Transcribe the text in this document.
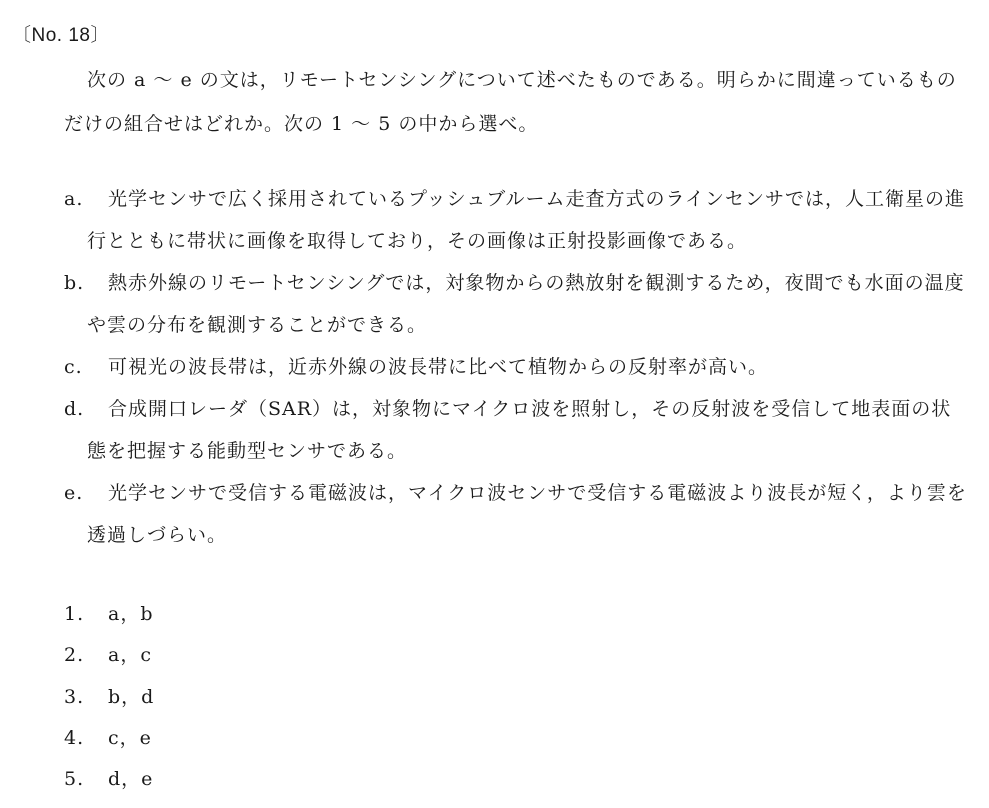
〔No. 18〕

次の a 〜 e の文は，リモートセンシングについて述べたものである。明らかに間違っているものだけの組合せはどれか。次の 1 〜 5 の中から選べ。

a. 光学センサで広く採用されているプッシュブルーム走査方式のラインセンサでは，人工衛星の進行とともに帯状に画像を取得しており，その画像は正射投影画像である。
b. 熱赤外線のリモートセンシングでは，対象物からの熱放射を観測するため，夜間でも水面の温度や雲の分布を観測することができる。
c. 可視光の波長帯は，近赤外線の波長帯に比べて植物からの反射率が高い。
d. 合成開口レーダ（SAR）は，対象物にマイクロ波を照射し，その反射波を受信して地表面の状態を把握する能動型センサである。
e. 光学センサで受信する電磁波は，マイクロ波センサで受信する電磁波より波長が短く，より雲を透過しづらい。
1. a，b
2. a，c
3. b，d
4. c，e
5. d，e
